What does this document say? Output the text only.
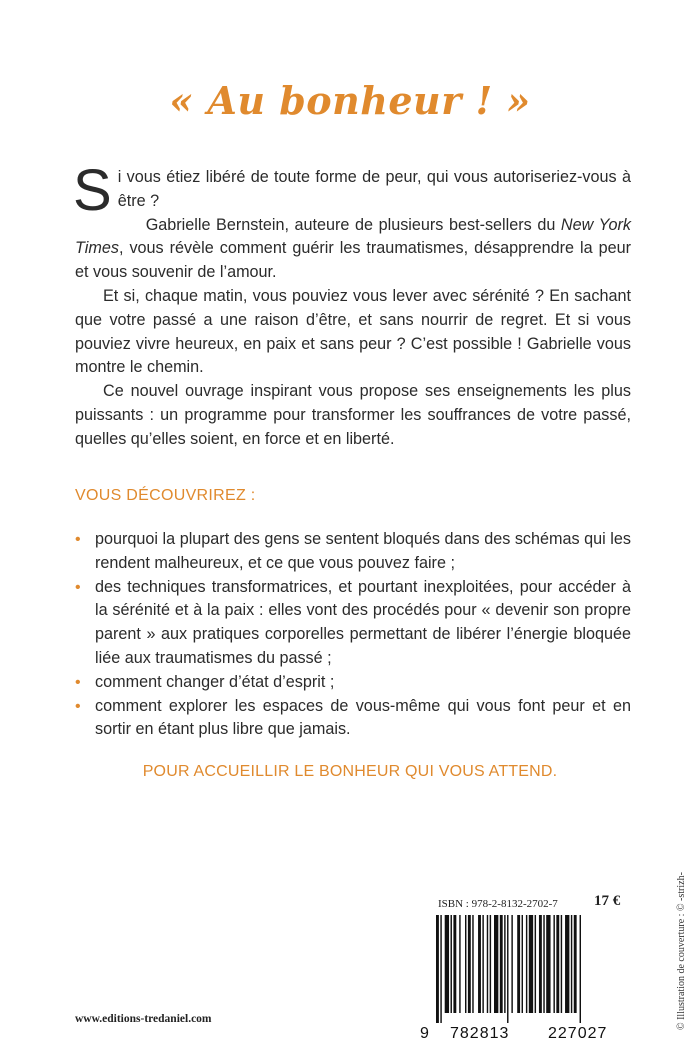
« Au bonheur ! »

Si vous étiez libéré de toute forme de peur, qui vous autoriseriez-vous à être ?

Gabrielle Bernstein, auteure de plusieurs best-sellers du New York Times, vous révèle comment guérir les traumatismes, désapprendre la peur et vous souvenir de l’amour.

Et si, chaque matin, vous pouviez vous lever avec sérénité ? En sachant que votre passé a une raison d’être, et sans nourrir de regret. Et si vous pouviez vivre heureux, en paix et sans peur ? C’est possible ! Gabrielle vous montre le chemin.

Ce nouvel ouvrage inspirant vous propose ses enseignements les plus puissants : un programme pour transformer les souffrances de votre passé, quelles qu’elles soient, en force et en liberté.

VOUS DÉCOUVRIREZ :
• pourquoi la plupart des gens se sentent bloqués dans des schémas qui les rendent malheureux, et ce que vous pouvez faire ;
• des techniques transformatrices, et pourtant inexploitées, pour accéder à la sérénité et à la paix : elles vont des procédés pour « devenir son propre parent » aux pratiques corporelles permettant de libérer l’énergie bloquée liée aux traumatismes du passé ;
• comment changer d’état d’esprit ;
• comment explorer les espaces de vous-même qui vous font peur et en sortir en étant plus libre que jamais.
POUR ACCUEILLIR LE BONHEUR QUI VOUS ATTEND.
ISBN : 978-2-8132-2702-7 17 €
9 782813 227027
www.editions-tredaniel.com	© Illustration de couverture : © -strizh-
